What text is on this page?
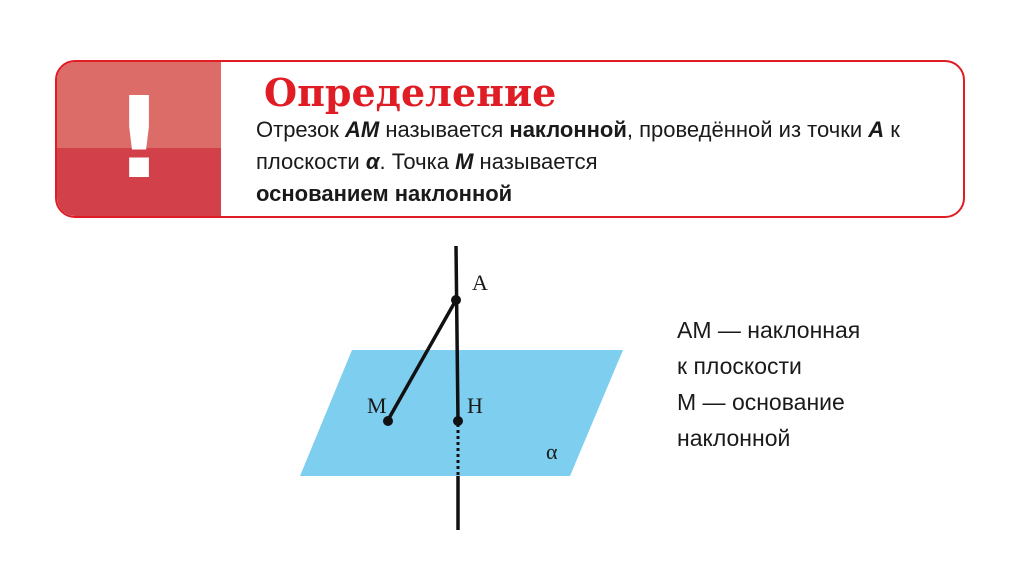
!	Определение
Отрезок AM называется наклонной, проведённой из точки A к плоскости α. Точка M называется
основанием наклонной
A
M	H
α
AM — наклонная
к плоскости
M — основание
наклонной
